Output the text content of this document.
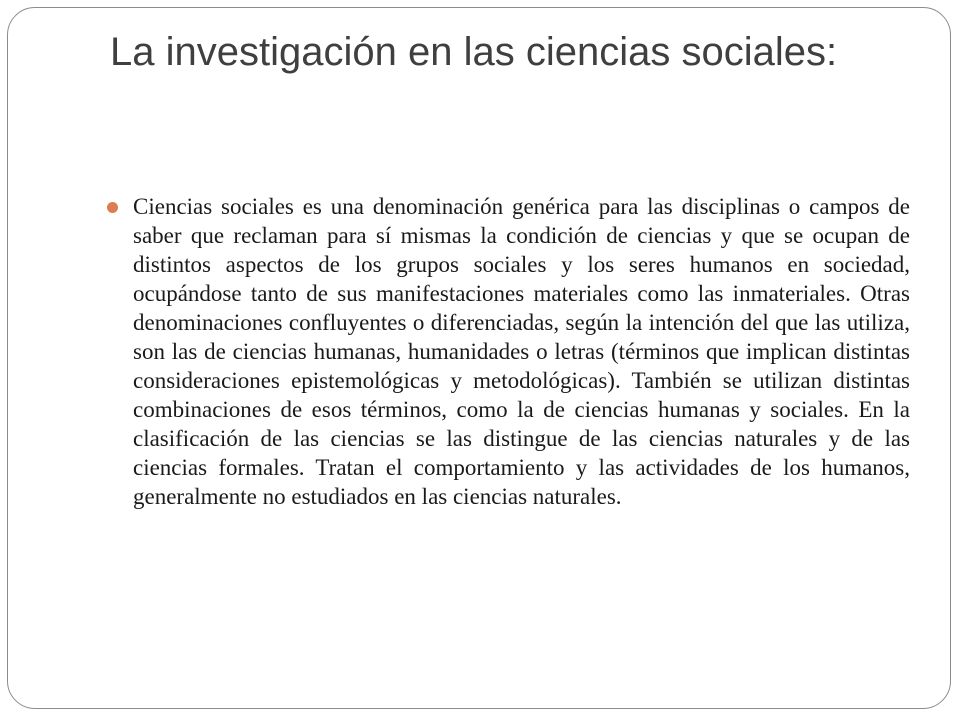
La investigación en las ciencias sociales:

Ciencias sociales es una denominación genérica para las disciplinas o campos de saber que reclaman para sí mismas la condición de ciencias y que se ocupan de distintos aspectos de los grupos sociales y los seres humanos en sociedad, ocupándose tanto de sus manifestaciones materiales como las inmateriales. Otras denominaciones confluyentes o diferenciadas, según la intención del que las utiliza, son las de ciencias humanas, humanidades o letras (términos que implican distintas consideraciones epistemológicas y metodológicas). También se utilizan distintas combinaciones de esos términos, como la de ciencias humanas y sociales. En la clasificación de las ciencias se las distingue de las ciencias naturales y de las ciencias formales. Tratan el comportamiento y las actividades de los humanos, generalmente no estudiados en las ciencias naturales.
